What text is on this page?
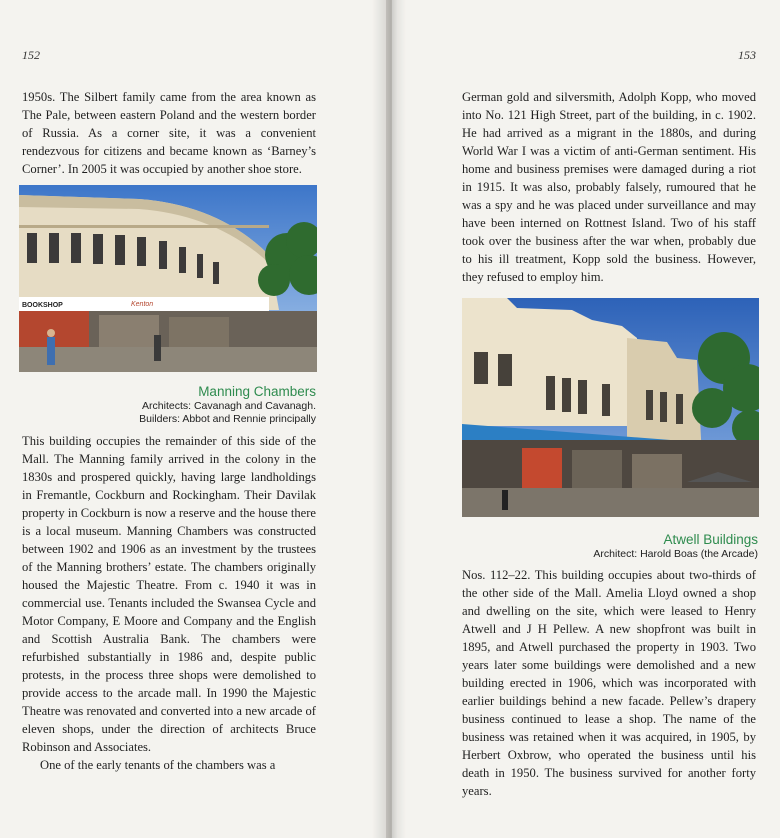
152

1950s. The Silbert family came from the area known as The Pale, between eastern Poland and the western border of Russia. As a corner site, it was a convenient rendezvous for citizens and became known as ‘Barney’s Corner’. In 2005 it was occupied by another shoe store.

BOOKSHOP	Kenton
Manning Chambers
Architects: Cavanagh and Cavanagh.
Builders: Abbot and Rennie principally

This building occupies the remainder of this side of the Mall. The Manning family arrived in the colony in the 1830s and prospered quickly, having large landholdings in Fremantle, Cockburn and Rockingham. Their Davilak property in Cockburn is now a reserve and the house there is a local museum. Manning Chambers was constructed between 1902 and 1906 as an investment by the trustees of the Manning brothers’ estate. The chambers originally housed the Majestic Theatre. From c. 1940 it was in commercial use. Tenants included the Swansea Cycle and Motor Company, E Moore and Company and the English and Scottish Australia Bank. The chambers were refurbished substantially in 1986 and, despite public protests, in the process three shops were demolished to provide access to the arcade mall. In 1990 the Majestic Theatre was renovated and converted into a new arcade of eleven shops, under the direction of architects Bruce Robinson and Associates.

One of the early tenants of the chambers was a

153

German gold and silversmith, Adolph Kopp, who moved into No. 121 High Street, part of the building, in c. 1902. He had arrived as a migrant in the 1880s, and during World War I was a victim of anti-German sentiment. His home and business premises were damaged during a riot in 1915. It was also, probably falsely, rumoured that he was a spy and he was placed under surveillance and may have been interned on Rottnest Island. Two of his staff took over the business after the war when, probably due to his ill treatment, Kopp sold the business. However, they refused to employ him.

Atwell Buildings
Architect: Harold Boas (the Arcade)

Nos. 112–22. This building occupies about two-thirds of the other side of the Mall. Amelia Lloyd owned a shop and dwelling on the site, which were leased to Henry Atwell and J H Pellew. A new shopfront was built in 1895, and Atwell purchased the property in 1903. Two years later some buildings were demolished and a new building erected in 1906, which was incorporated with earlier buildings behind a new facade. Pellew’s drapery business continued to lease a shop. The name of the business was retained when it was acquired, in 1905, by Herbert Oxbrow, who operated the business until his death in 1950. The business survived for another forty years.
